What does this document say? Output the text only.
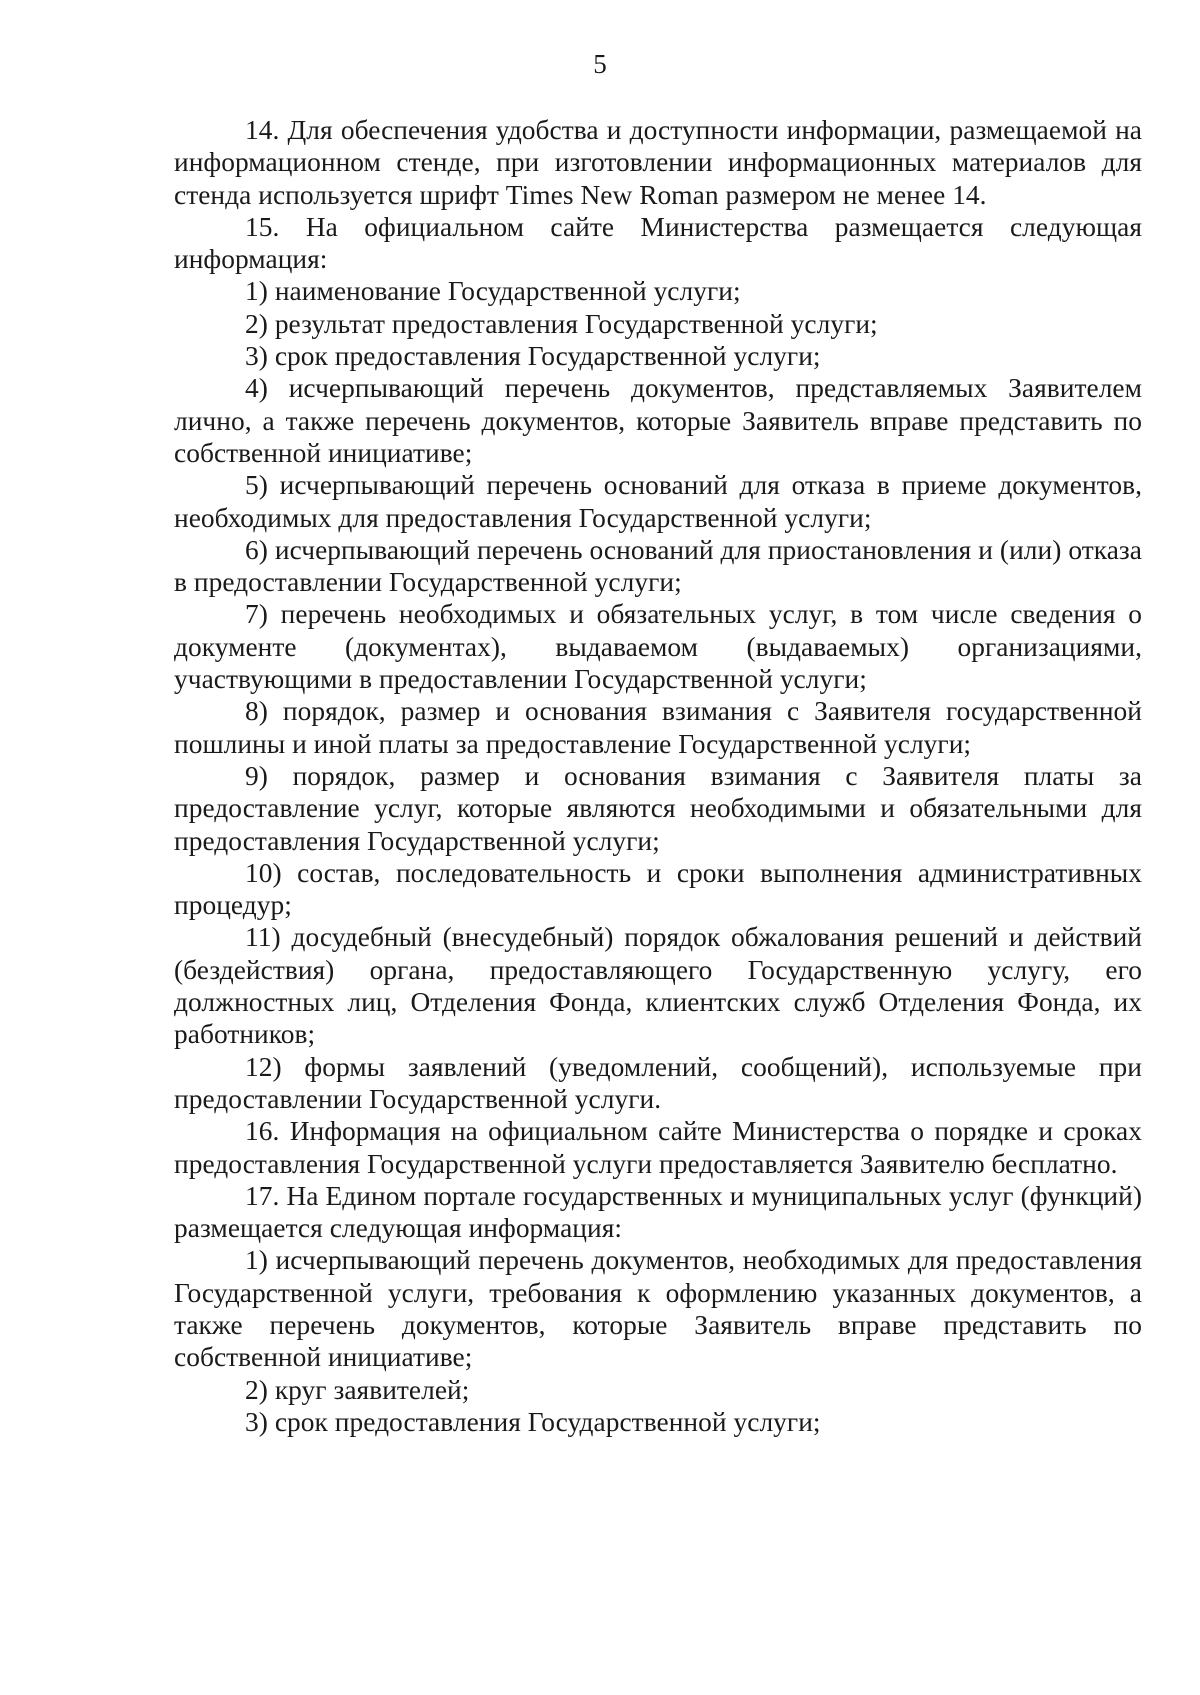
5

14. Для обеспечения удобства и доступности информации, размещаемой на информационном стенде, при изготовлении информационных материалов для стенда используется шрифт Times New Roman размером не менее 14.

15. На официальном сайте Министерства размещается следующая информация:

1) наименование Государственной услуги;

2) результат предоставления Государственной услуги;

3) срок предоставления Государственной услуги;

4) исчерпывающий перечень документов, представляемых Заявителем лично, а также перечень документов, которые Заявитель вправе представить по собственной инициативе;

5) исчерпывающий перечень оснований для отказа в приеме документов, необходимых для предоставления Государственной услуги;

6) исчерпывающий перечень оснований для приостановления и (или) отказа в предоставлении Государственной услуги;

7) перечень необходимых и обязательных услуг, в том числе сведения о документе (документах), выдаваемом (выдаваемых) организациями, участвующими в предоставлении Государственной услуги;

8) порядок, размер и основания взимания с Заявителя государственной пошлины и иной платы за предоставление Государственной услуги;

9) порядок, размер и основания взимания с Заявителя платы за предоставление услуг, которые являются необходимыми и обязательными для предоставления Государственной услуги;

10) состав, последовательность и сроки выполнения административных процедур;

11) досудебный (внесудебный) порядок обжалования решений и действий (бездействия) органа, предоставляющего Государственную услугу, его должностных лиц, Отделения Фонда, клиентских служб Отделения Фонда, их работников;

12) формы заявлений (уведомлений, сообщений), используемые при предоставлении Государственной услуги.

16. Информация на официальном сайте Министерства о порядке и сроках предоставления Государственной услуги предоставляется Заявителю бесплатно.

17. На Едином портале государственных и муниципальных услуг (функций) размещается следующая информация:

1) исчерпывающий перечень документов, необходимых для предоставления Государственной услуги, требования к оформлению указанных документов, а также перечень документов, которые Заявитель вправе представить по собственной инициативе;

2) круг заявителей;

3) срок предоставления Государственной услуги;
